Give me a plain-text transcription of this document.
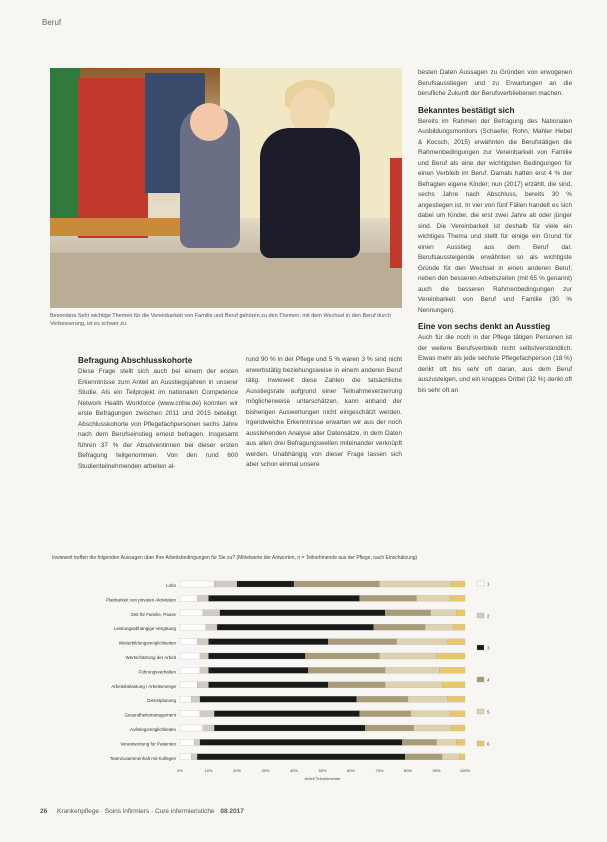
Beruf
Besonders Sehr wichtige Themen für die Vereinbarkeit von Familie und Beruf gehören zu den Themen, mit dem Wechsel in den Beruf durch Verbesserung, ist es schwer zu.
Befragung Abschlusskohorte

Diese Frage stellt sich auch bei einem der ersten Erkenntnisse zum Anteil an Ausstiegsjahren in unserer Studie. Als ein Teilprojekt im nationalen Competence Network Health Workforce (www.cnhw.de) konnten wir erste Befragungen zwischen 2011 und 2015 beteiligt. Abschlusskohorte von Pflegefachpersonen sechs Jahre nach dem Berufseinstieg erneut befragen. Insgesamt führen 37 % der Absolventinnen bei dieser ersten Befragung teilgenommen. Von den rund 600 Studienteilnehmenden arbeiten al-

rund 90 % in der Pflege und 5 % waren 3 % sind nicht erwerbstätig beziehungsweise in einem anderen Beruf tätig. Inwieweit diese Zahlen die tatsächliche Ausstiegsrate aufgrund einer Teilnahmeverzerrung möglicherweise unterschätzen, kann anhand der bisherigen Auswertungen nicht eingeschätzt werden. Irgendwelche Erkenntnisse erwarten wir aus der noch ausstehenden Analyse aller Datensätze, in dem Daten aus allen drei Befragungswellen miteinander verknüpft werden. Unabhängig von dieser Frage lassen sich aber schon einmal unsere

besten Daten Aussagen zu Gründen von erwogenen Berufsausstiegen und zu Erwartungen an die berufliche Zukunft der Berufsverbliebenen machen.

Bekanntes bestätigt sich

Bereits im Rahmen der Befragung des Nationalen Ausbildungsmonitors (Schaefer, Rohn, Mahler Hebel & Kocsch, 2015) erwähnten die Berufstätigen die Rahmenbedingungen zur Vereinbarkeit von Familie und Beruf als eine der wichtigsten Bedingungen für einen Verbleib im Beruf. Damals hatten erst 4 % der Befragten eigene Kinder; nun (2017) erzählt, die sind, sechs Jahre nach Abschluss, bereits 30 % angestiegen ist. In vier von fünf Fällen handelt es sich dabei um Kinder, die erst zwei Jahre alt oder jünger sind. Die Vereinbarkeit ist deshalb für viele ein wichtiges Thema und stellt für einige ein Grund für einen Ausstieg aus dem Beruf dar. Berufsaussteigende erwähnten so als wichtigste Gründe für den Wechsel in einen anderen Beruf, neben den besseren Arbeitszeiten (mit 65 % genannt) auch die besseren Rahmenbedingungen zur Vereinbarkeit von Beruf und Familie (30 % Nennungen).

Eine von sechs denkt an Ausstieg

Auch für die noch in der Pflege tätigen Personen ist der weitere Berufsverbleib nicht selbstverständlich. Etwas mehr als jede sechste Pflegefachperson (18 %) denkt oft bis sehr oft daran, aus dem Beruf auszusteigen, und ein knappes Drittel (32 %) denkt oft bis sehr oft an

Inwieweit treffen die folgenden Aussagen über Ihre Arbeitsbedingungen für Sie zu? (Mittelwerte der Antworten, n = Teilnehmende aus der Pflege, nach Einschätzung)
Lohn
Planbarkeit von privaten Aktivitäten
Zeit für Familie, Pause
Leistungsabhängige Vergütung
Weiterbildungsmöglichkeiten
Wertschätzung der Arbeit
Führungsverhalten
Arbeitsbelastung / Arbeitsmenge
Dienstplanung
Gesundheitsmanagement
Aufstiegsmöglichkeiten
Verantwortung für Patienten
Teamzusammenhalt mit Kollegen
0%	10%	20%	30%	40%	50%	60%	70%	80%	90%	100%
Anteil Teilnehmende
1
2
3
4
5
6
26 Krankenpflege · Soins infirmiers · Cure infermieristiche 08 2017
